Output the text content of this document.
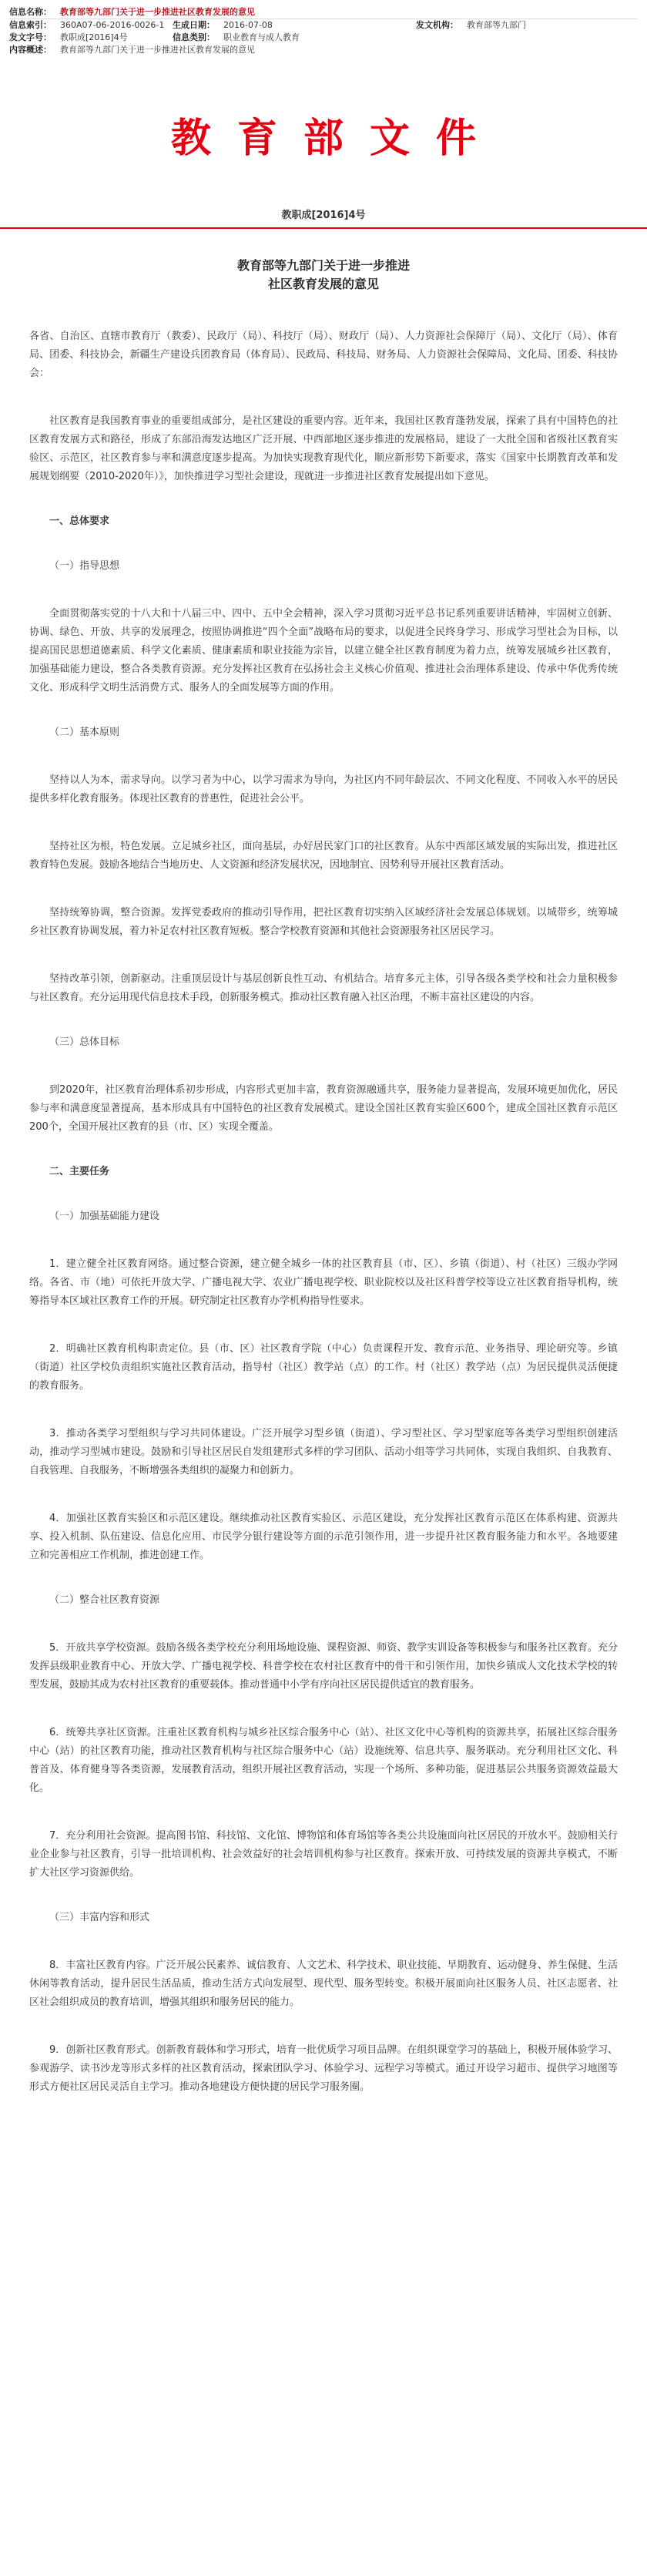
信息名称：	教育部等九部门关于进一步推进社区教育发展的意见
信息索引：	360A07-06-2016-0026-1 生成日期：	2016-07-08	发文机构：	教育部等九部门
发文字号：	教职成[2016]4号	信息类别：	职业教育与成人教育
内容概述：	教育部等九部门关于进一步推进社区教育发展的意见
教育部文件
教职成[2016]4号
教育部等九部门关于进一步推进
社区教育发展的意见

各省、自治区、直辖市教育厅（教委）、民政厅（局）、科技厅（局）、财政厅（局）、人力资源社会保障厅（局）、文化厅（局）、体育局、团委、科技协会，新疆生产建设兵团教育局（体育局）、民政局、科技局、财务局、人力资源社会保障局、文化局、团委、科技协会：

社区教育是我国教育事业的重要组成部分，是社区建设的重要内容。近年来，我国社区教育蓬勃发展，探索了具有中国特色的社区教育发展方式和路径，形成了东部沿海发达地区广泛开展、中西部地区逐步推进的发展格局，建设了一大批全国和省级社区教育实验区、示范区，社区教育参与率和满意度逐步提高。为加快实现教育现代化，顺应新形势下新要求，落实《国家中长期教育改革和发展规划纲要（2010-2020年）》，加快推进学习型社会建设，现就进一步推进社区教育发展提出如下意见。

一、总体要求

（一）指导思想

全面贯彻落实党的十八大和十八届三中、四中、五中全会精神，深入学习贯彻习近平总书记系列重要讲话精神，牢固树立创新、协调、绿色、开放、共享的发展理念，按照协调推进“四个全面”战略布局的要求，以促进全民终身学习、形成学习型社会为目标，以提高国民思想道德素质、科学文化素质、健康素质和职业技能为宗旨，以建立健全社区教育制度为着力点，统筹发展城乡社区教育，加强基础能力建设，整合各类教育资源。充分发挥社区教育在弘扬社会主义核心价值观、推进社会治理体系建设、传承中华优秀传统文化、形成科学文明生活消费方式、服务人的全面发展等方面的作用。

（二）基本原则

坚持以人为本，需求导向。以学习者为中心，以学习需求为导向，为社区内不同年龄层次、不同文化程度、不同收入水平的居民提供多样化教育服务。体现社区教育的普惠性，促进社会公平。

坚持社区为根，特色发展。立足城乡社区，面向基层，办好居民家门口的社区教育。从东中西部区域发展的实际出发，推进社区教育特色发展。鼓励各地结合当地历史、人文资源和经济发展状况，因地制宜、因势利导开展社区教育活动。

坚持统筹协调，整合资源。发挥党委政府的推动引导作用，把社区教育切实纳入区域经济社会发展总体规划。以城带乡，统筹城乡社区教育协调发展，着力补足农村社区教育短板。整合学校教育资源和其他社会资源服务社区居民学习。

坚持改革引领，创新驱动。注重顶层设计与基层创新良性互动、有机结合。培育多元主体，引导各级各类学校和社会力量积极参与社区教育。充分运用现代信息技术手段，创新服务模式。推动社区教育融入社区治理，不断丰富社区建设的内容。

（三）总体目标

到2020年，社区教育治理体系初步形成，内容形式更加丰富，教育资源融通共享，服务能力显著提高，发展环境更加优化，居民参与率和满意度显著提高，基本形成具有中国特色的社区教育发展模式。建设全国社区教育实验区600个，建成全国社区教育示范区200个，全国开展社区教育的县（市、区）实现全覆盖。

二、主要任务

（一）加强基础能力建设

1．建立健全社区教育网络。通过整合资源，建立健全城乡一体的社区教育县（市、区）、乡镇（街道）、村（社区）三级办学网络。各省、市（地）可依托开放大学、广播电视大学、农业广播电视学校、职业院校以及社区科普学校等设立社区教育指导机构，统筹指导本区域社区教育工作的开展。研究制定社区教育办学机构指导性要求。

2．明确社区教育机构职责定位。县（市、区）社区教育学院（中心）负责课程开发、教育示范、业务指导、理论研究等。乡镇（街道）社区学校负责组织实施社区教育活动，指导村（社区）教学站（点）的工作。村（社区）教学站（点）为居民提供灵活便捷的教育服务。

3．推动各类学习型组织与学习共同体建设。广泛开展学习型乡镇（街道）、学习型社区、学习型家庭等各类学习型组织创建活动，推动学习型城市建设。鼓励和引导社区居民自发组建形式多样的学习团队、活动小组等学习共同体，实现自我组织、自我教育、自我管理、自我服务，不断增强各类组织的凝聚力和创新力。

4．加强社区教育实验区和示范区建设。继续推动社区教育实验区、示范区建设，充分发挥社区教育示范区在体系构建、资源共享、投入机制、队伍建设、信息化应用、市民学分银行建设等方面的示范引领作用，进一步提升社区教育服务能力和水平。各地要建立和完善相应工作机制，推进创建工作。

（二）整合社区教育资源

5．开放共享学校资源。鼓励各级各类学校充分利用场地设施、课程资源、师资、教学实训设备等积极参与和服务社区教育。充分发挥县级职业教育中心、开放大学、广播电视学校、科普学校在农村社区教育中的骨干和引领作用，加快乡镇成人文化技术学校的转型发展，鼓励其成为农村社区教育的重要载体。推动普通中小学有序向社区居民提供适宜的教育服务。

6．统筹共享社区资源。注重社区教育机构与城乡社区综合服务中心（站）、社区文化中心等机构的资源共享，拓展社区综合服务中心（站）的社区教育功能，推动社区教育机构与社区综合服务中心（站）设施统筹、信息共享、服务联动。充分利用社区文化、科普首及、体育健身等各类资源，发展教育活动，组织开展社区教育活动，实现一个场所、多种功能，促进基层公共服务资源效益最大化。

7．充分利用社会资源。提高图书馆、科技馆、文化馆、博物馆和体育场馆等各类公共设施面向社区居民的开放水平。鼓励相关行业企业参与社区教育，引导一批培训机构、社会效益好的社会培训机构参与社区教育。探索开放、可持续发展的资源共享模式，不断扩大社区学习资源供给。

（三）丰富内容和形式

8．丰富社区教育内容。广泛开展公民素养、诚信教育、人文艺术、科学技术、职业技能、早期教育、运动健身、养生保健、生活休闲等教育活动，提升居民生活品质，推动生活方式向发展型、现代型、服务型转变。积极开展面向社区服务人员、社区志愿者、社区社会组织成员的教育培训，增强其组织和服务居民的能力。

9．创新社区教育形式。创新教育载体和学习形式，培育一批优质学习项目品牌。在组织课堂学习的基础上，积极开展体验学习、参观游学、读书沙龙等形式多样的社区教育活动，探索团队学习、体验学习、远程学习等模式。通过开设学习超市、提供学习地图等形式方便社区居民灵活自主学习。推动各地建设方便快捷的居民学习服务圈。
